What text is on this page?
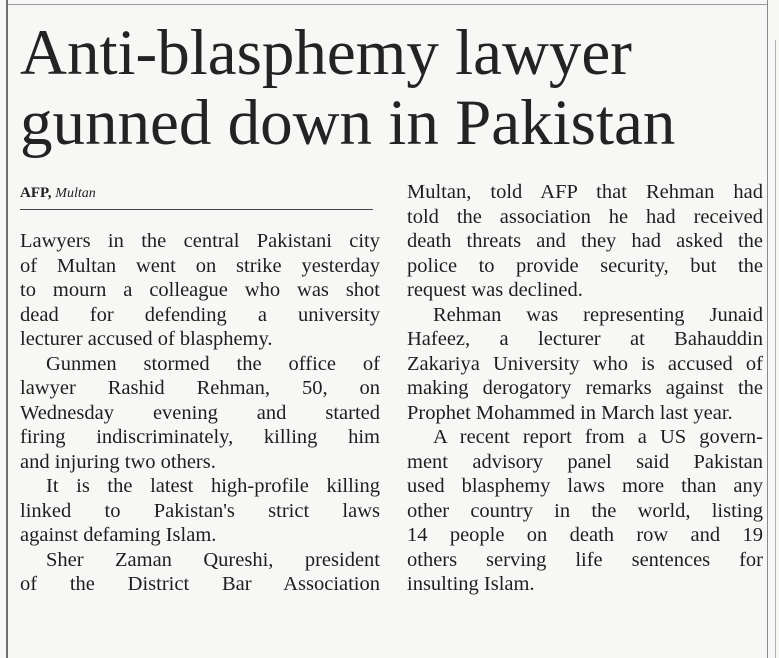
Anti-blasphemy lawyer
gunned down in Pakistan
AFP, Multan
Lawyers in the central Pakistani city
of Multan went on strike yesterday
to mourn a colleague who was shot
dead for defending a university
lecturer accused of blasphemy.
Gunmen stormed the office of
lawyer Rashid Rehman, 50, on
Wednesday evening and started
firing indiscriminately, killing him
and injuring two others.
It is the latest high-profile killing
linked to Pakistan's strict laws
against defaming Islam.
Sher Zaman Qureshi, president
of the District Bar Association
Multan, told AFP that Rehman had
told the association he had received
death threats and they had asked the
police to provide security, but the
request was declined.
Rehman was representing Junaid
Hafeez, a lecturer at Bahauddin
Zakariya University who is accused of
making derogatory remarks against the
Prophet Mohammed in March last year.
A recent report from a US govern-
ment advisory panel said Pakistan
used blasphemy laws more than any
other country in the world, listing
14 people on death row and 19
others serving life sentences for
insulting Islam.
